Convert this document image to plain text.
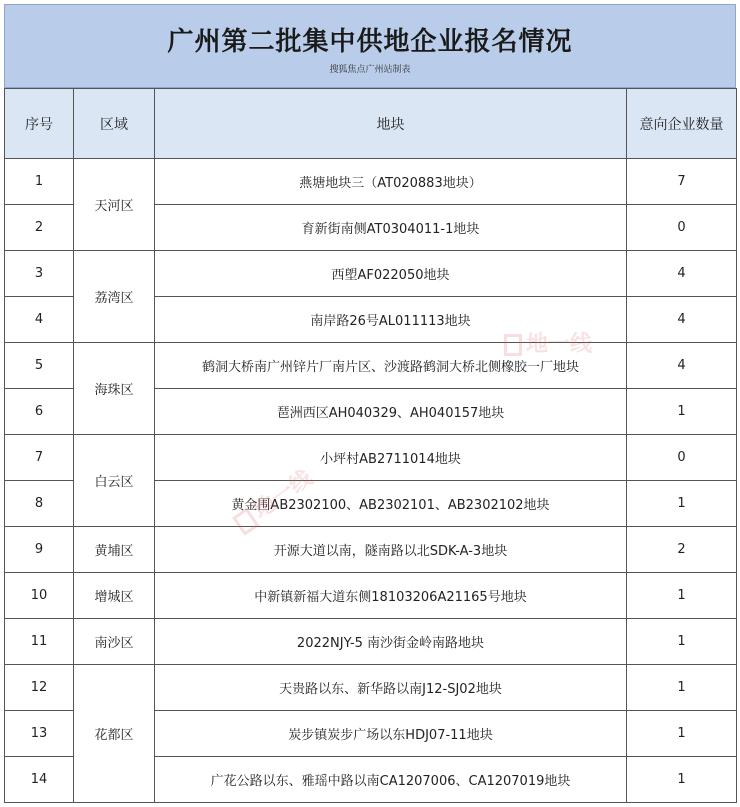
广州第二批集中供地企业报名情况
搜狐焦点广州站制表
序号	区域	地块	意向企业数量
1	天河区	燕塘地块三（AT020883地块）	7
2		育新街南侧AT0304011-1地块	0
3	荔湾区	西塱AF022050地块	4
4		南岸路26号AL011113地块	4
5	海珠区	鹤洞大桥南广州锌片厂南片区、沙渡路鹤洞大桥北侧橡胶一厂地块	4
6		琶洲西区AH040329、AH040157地块	1
7	白云区	小坪村AB2711014地块	0
8		黄金围AB2302100、AB2302101、AB2302102地块	1
9	黄埔区	开源大道以南，隧南路以北SDK-A-3地块	2
10	增城区	中新镇新福大道东侧18103206A21165号地块	1
11	南沙区	2022NJY-5 南沙街金岭南路地块	1
12	花都区	天贵路以东、新华路以南J12-SJ02地块	1
13		炭步镇炭步广场以东HDJ07-11地块	1
14		广花公路以东、雅瑶中路以南CA1207006、CA1207019地块	1
地一线
地一线
